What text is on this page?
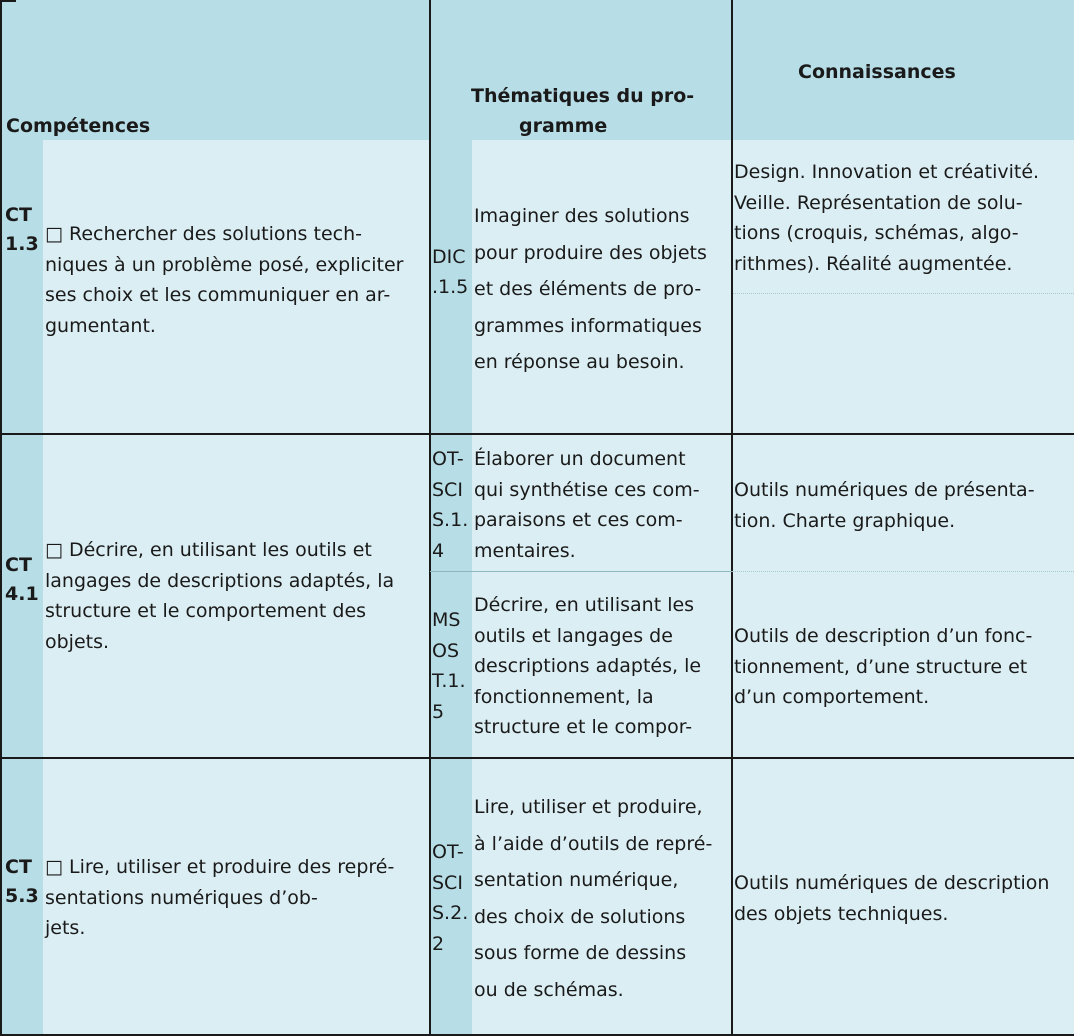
Compétences
Thématiques du pro-
gramme
Connaissances
CT
1.3 □ Rechercher des solutions tech-
niques à un problème posé, expliciter
ses choix et les communiquer en ar-
gumentant.
DIC
.1.5
Imaginer des solutions
pour produire des objets
et des éléments de pro-
grammes informatiques
en réponse au besoin.
Design. Innovation et créativité.
Veille. Représentation de solu-
tions (croquis, schémas, algo-
rithmes). Réalité augmentée.
CT
4.1
□ Décrire, en utilisant les outils et
langages de descriptions adaptés, la
structure et le comportement des
objets.
OT-
SCI
S.1.
4
Élaborer un document
qui synthétise ces com-
paraisons et ces com-
mentaires.
Outils numériques de présenta-
tion. Charte graphique.
MS
OS
T.1.
5
Décrire, en utilisant les
outils et langages de
descriptions adaptés, le
fonctionnement, la
structure et le compor-
Outils de description d’un fonc-
tionnement, d’une structure et
d’un comportement.
CT
5.3
□ Lire, utiliser et produire des repré-
sentations numériques d’ob-
jets.
OT-
SCI
S.2.
2
Lire, utiliser et produire,
à l’aide d’outils de repré-
sentation numérique,
des choix de solutions
sous forme de dessins
ou de schémas.
Outils numériques de description
des objets techniques.
